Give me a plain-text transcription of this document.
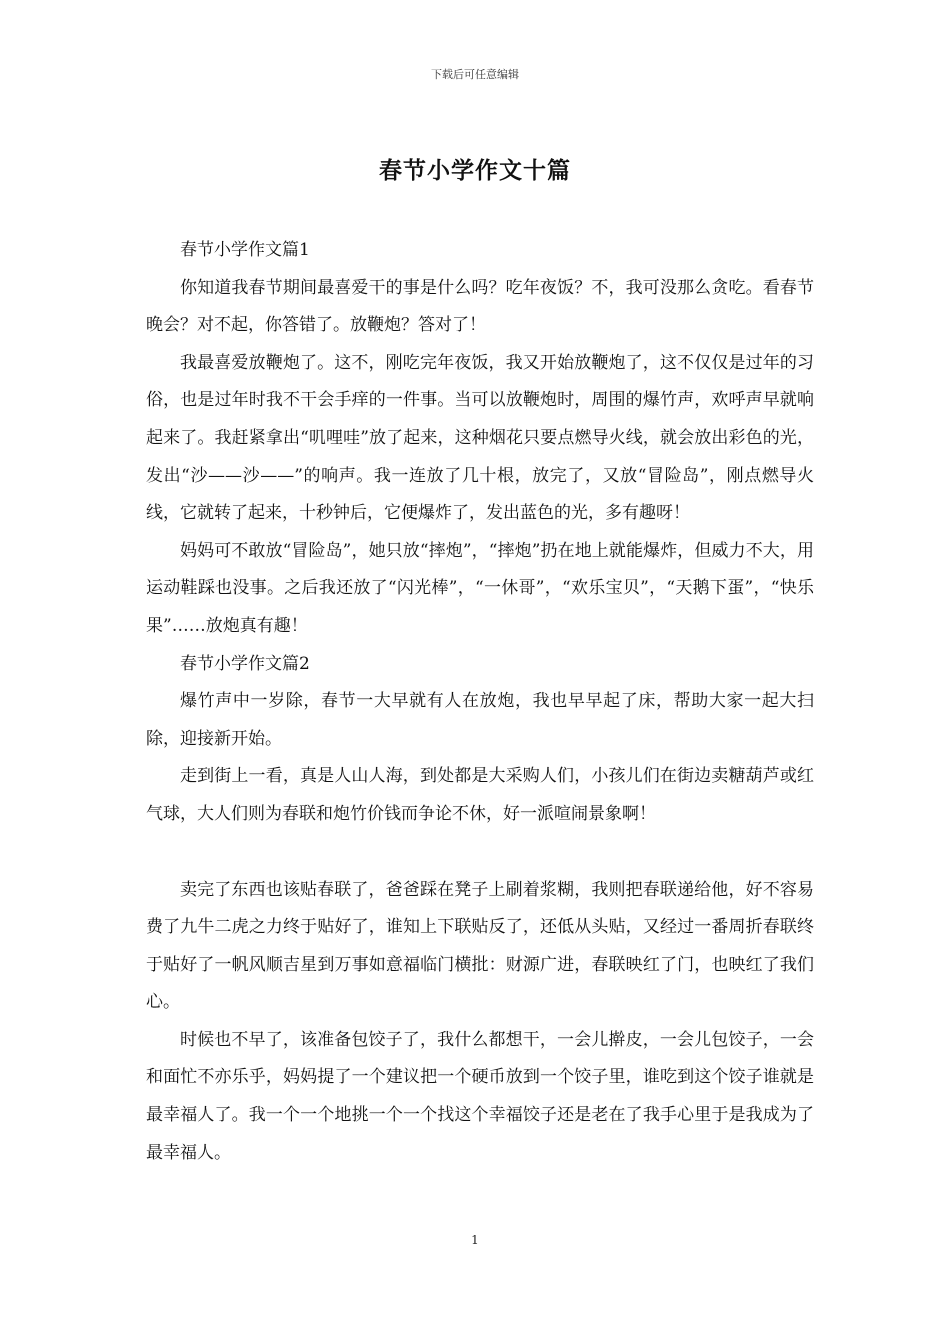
下载后可任意编辑
春节小学作文十篇

春节小学作文篇1

你知道我春节期间最喜爱干的事是什么吗？吃年夜饭？不，我可没那么贪吃。看春节晚会？对不起，你答错了。放鞭炮？答对了！

我最喜爱放鞭炮了。这不，刚吃完年夜饭，我又开始放鞭炮了，这不仅仅是过年的习俗，也是过年时我不干会手痒的一件事。当可以放鞭炮时，周围的爆竹声，欢呼声早就响起来了。我赶紧拿出“叽哩哇”放了起来，这种烟花只要点燃导火线，就会放出彩色的光，发出“沙——沙——”的响声。我一连放了几十根，放完了，又放“冒险岛”，刚点燃导火线，它就转了起来，十秒钟后，它便爆炸了，发出蓝色的光，多有趣呀！

妈妈可不敢放“冒险岛”，她只放“摔炮”，“摔炮”扔在地上就能爆炸，但威力不大，用运动鞋踩也没事。之后我还放了“闪光棒”，“一休哥”，“欢乐宝贝”，“天鹅下蛋”，“快乐果”……放炮真有趣！

春节小学作文篇2

爆竹声中一岁除，春节一大早就有人在放炮，我也早早起了床，帮助大家一起大扫除，迎接新开始。

走到街上一看，真是人山人海，到处都是大采购人们，小孩儿们在街边卖糖葫芦或红气球，大人们则为春联和炮竹价钱而争论不休，好一派喧闹景象啊！

卖完了东西也该贴春联了，爸爸踩在凳子上刷着浆糊，我则把春联递给他，好不容易费了九牛二虎之力终于贴好了，谁知上下联贴反了，还低从头贴，又经过一番周折春联终于贴好了一帆风顺吉星到万事如意福临门横批：财源广进，春联映红了门，也映红了我们心。

时候也不早了，该准备包饺子了，我什么都想干，一会儿擀皮，一会儿包饺子，一会和面忙不亦乐乎，妈妈提了一个建议把一个硬币放到一个饺子里，谁吃到这个饺子谁就是最幸福人了。我一个一个地挑一个一个找这个幸福饺子还是老在了我手心里于是我成为了最幸福人。

1
